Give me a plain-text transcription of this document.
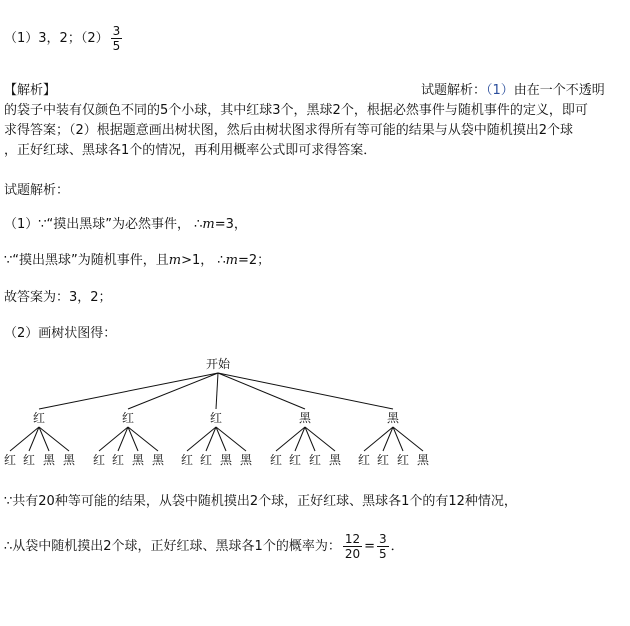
（1）3，2；$(2) \frac{3}{5}$
【解析】	试题解析：（1）由在一个不透明
的袋子中装有仅颜色不同的5个小球，其中红球3个，黑球2个，根据必然事件与随机事件的定义，即可
求得答案；（2）根据题意画出树状图，然后由树状图求得所有等可能的结果与从袋中随机摸出2个球
，正好红球、黑球各1个的情况，再利用概率公式即可求得答案．
试题解析：
（1）∵“摸出黑球”为必然事件， ∴m=3，
∵“摸出黑球”为随机事件，且m>1， ∴m=2；
故答案为：3，2；
（2）画树状图得：
开始
红
红 红 黑 黑
红
红 红 黑 黑
红
红 红 黑 黑
黑
红 红 红 黑
黑
红 红 红 黑
∵共有20种等可能的结果，从袋中随机摸出2个球，正好红球、黑球各1个的有12种情况，
∴从袋中随机摸出2个球，正好红球、黑球各1个的概率为： $\frac{12}{20} = \frac{3}{5}$ ．
